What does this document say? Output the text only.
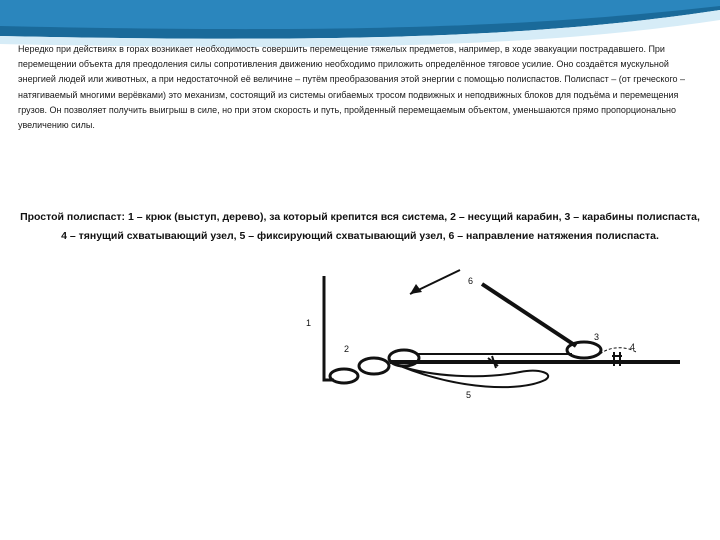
Нередко при действиях в горах возникает необходимость совершить перемещение тяжелых предметов, например, в ходе эвакуации пострадавшего. При перемещении объекта для преодоления силы сопротивления движению необходимо приложить определённое тяговое усилие. Оно создаётся мускульной энергией людей или животных, а при недостаточной её величине – путём преобразования этой энергии с помощью полиспастов. Полиспаст – (от греческого – натягиваемый многими верёвками) это механизм, состоящий из системы огибаемых тросом подвижных и неподвижных блоков для подъёма и перемещения грузов. Он позволяет получить выигрыш в силе, но при этом скорость и путь, пройденный перемещаемым объектом, уменьшаются прямо пропорционально увеличению силы.

Простой полиспаст: 1 – крюк (выступ, дерево), за который крепится вся система, 2 – несущий карабин, 3 – карабины полиспаста, 4 – тянущий схватывающий узел, 5 – фиксирующий схватывающий узел, 6 – направление натяжения полиспаста.

1
2
3
4
5
6
